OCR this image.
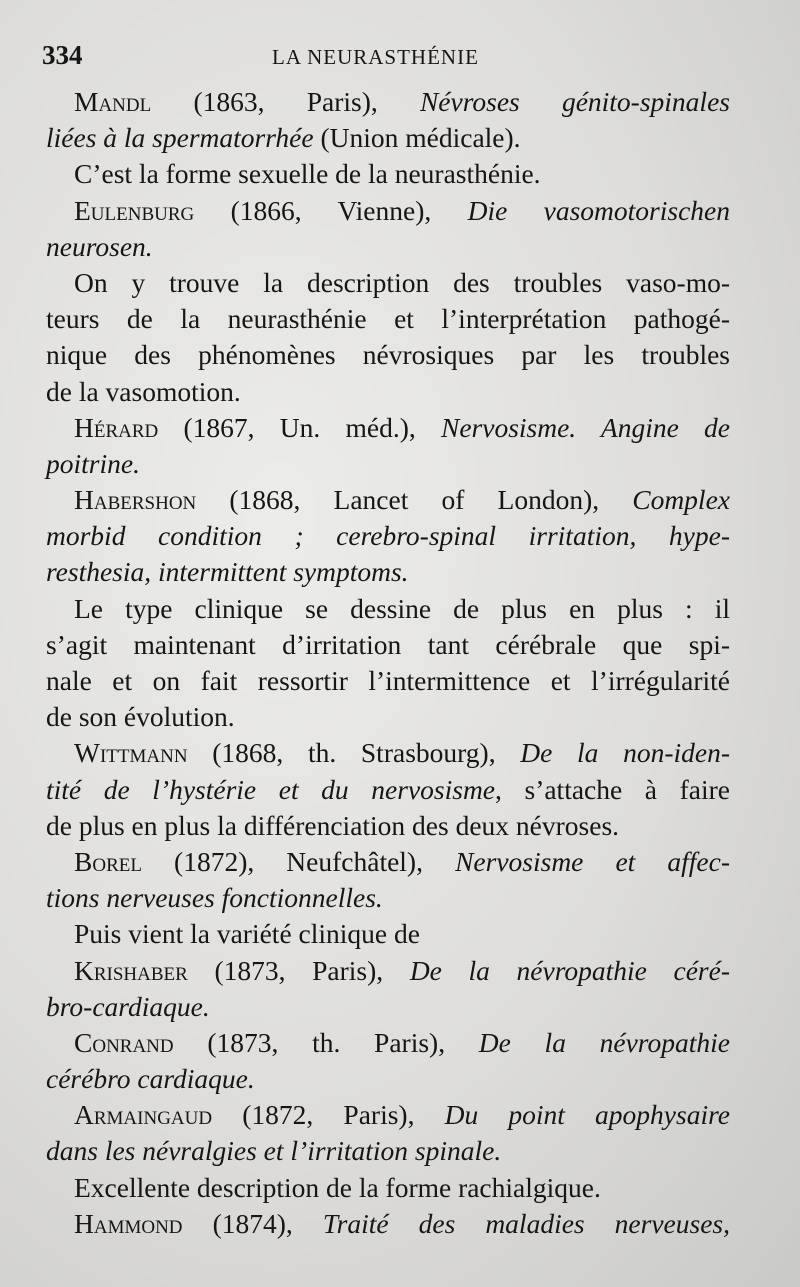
334	LA NEURASTHÉNIE
Mandl (1863, Paris), Névroses génito-spinales
liées à la spermatorrhée (Union médicale).
C’est la forme sexuelle de la neurasthénie.
Eulenburg (1866, Vienne), Die vasomotorischen
neurosen.
On y trouve la description des troubles vaso-mo-
teurs de la neurasthénie et l’interprétation pathogé-
nique des phénomènes névrosiques par les troubles
de la vasomotion.
Hérard (1867, Un. méd.), Nervosisme. Angine de
poitrine.
Habershon (1868, Lancet of London), Complex
morbid condition ; cerebro-spinal irritation, hype-
resthesia, intermittent symptoms.
Le type clinique se dessine de plus en plus : il
s’agit maintenant d’irritation tant cérébrale que spi-
nale et on fait ressortir l’intermittence et l’irrégularité
de son évolution.
Wittmann (1868, th. Strasbourg), De la non-iden-
tité de l’hystérie et du nervosisme, s’attache à faire
de plus en plus la différenciation des deux névroses.
Borel (1872), Neufchâtel), Nervosisme et affec-
tions nerveuses fonctionnelles.
Puis vient la variété clinique de
Krishaber (1873, Paris), De la névropathie céré-
bro-cardiaque.
Conrand (1873, th. Paris), De la névropathie
cérébro cardiaque.
Armaingaud (1872, Paris), Du point apophysaire
dans les névralgies et l’irritation spinale.
Excellente description de la forme rachialgique.
Hammond (1874), Traité des maladies nerveuses,
